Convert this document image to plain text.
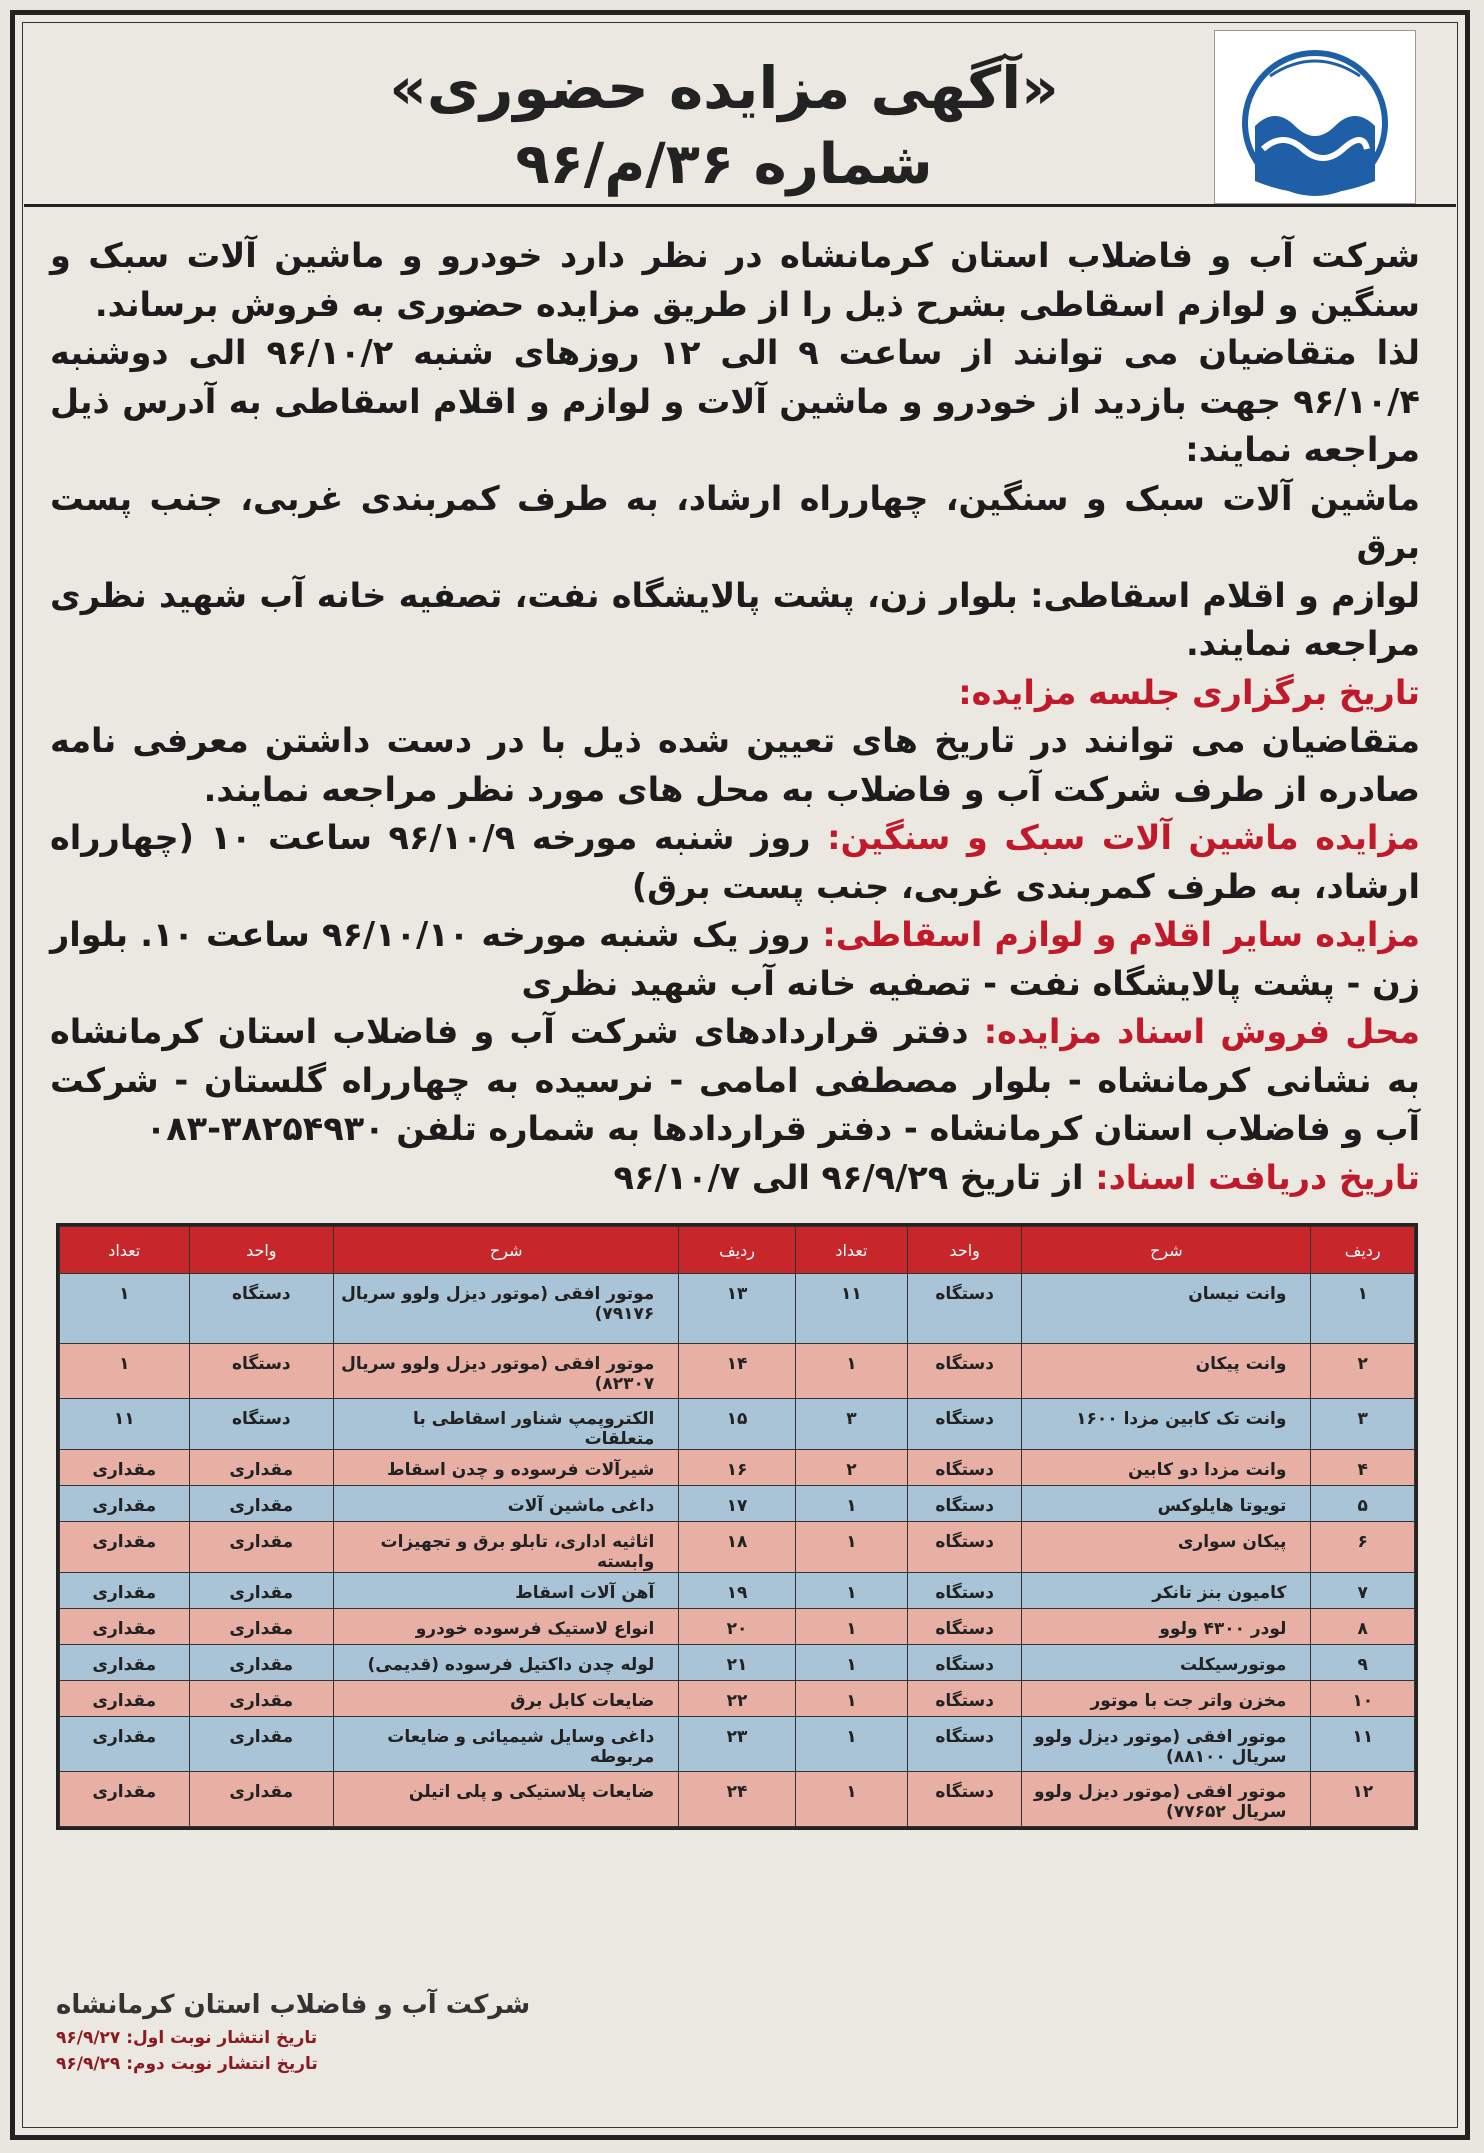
«آگهی مزایده حضوری»
شماره ۳۶/م/۹۶

شرکت آب و فاضلاب استان کرمانشاه در نظر دارد خودرو و ماشین آلات سبک و سنگین و لوازم اسقاطی بشرح ذیل را از طریق مزایده حضوری به فروش برساند.

لذا متقاضیان می توانند از ساعت ۹ الی ۱۲ روزهای شنبه ۹۶/۱۰/۲ الی دوشنبه ۹۶/۱۰/۴ جهت بازدید از خودرو و ماشین آلات و لوازم و اقلام اسقاطی به آدرس ذیل مراجعه نمایند:

ماشین آلات سبک و سنگین، چهارراه ارشاد، به طرف کمربندی غربی، جنب پست برق

لوازم و اقلام اسقاطی: بلوار زن، پشت پالایشگاه نفت، تصفیه خانه آب شهید نظری مراجعه نمایند.

تاریخ برگزاری جلسه مزایده:

متقاضیان می توانند در تاریخ های تعیین شده ذیل با در دست داشتن معرفی نامه صادره از طرف شرکت آب و فاضلاب به محل های مورد نظر مراجعه نمایند.

مزایده ماشین آلات سبک و سنگین: روز شنبه مورخه ۹۶/۱۰/۹ ساعت ۱۰ (چهارراه ارشاد، به طرف کمربندی غربی، جنب پست برق)

مزایده سایر اقلام و لوازم اسقاطی: روز یک شنبه مورخه ۹۶/۱۰/۱۰ ساعت ۱۰. بلوار زن - پشت پالایشگاه نفت - تصفیه خانه آب شهید نظری

محل فروش اسناد مزایده: دفتر قراردادهای شرکت آب و فاضلاب استان کرمانشاه به نشانی کرمانشاه - بلوار مصطفی امامی - نرسیده به چهارراه گلستان - شرکت آب و فاضلاب استان کرمانشاه - دفتر قراردادها به شماره تلفن ۳۸۲۵۴۹۳۰-۰۸۳

تاریخ دریافت اسناد: از تاریخ ۹۶/۹/۲۹ الی ۹۶/۱۰/۷

ردیف	شرح	واحد	تعداد	ردیف	شرح	واحد	تعداد
۱	وانت نیسان	دستگاه	۱۱	۱۳	موتور افقی (موتور دیزل ولوو سریال ۷۹۱۷۶)	دستگاه	۱
۲	وانت پیکان	دستگاه	۱	۱۴	موتور افقی (موتور دیزل ولوو سریال ۸۲۳۰۷)	دستگاه	۱
۳	وانت تک کابین مزدا ۱۶۰۰	دستگاه	۳	۱۵	الکتروپمپ شناور اسقاطی با متعلقات	دستگاه	۱۱
۴	وانت مزدا دو کابین	دستگاه	۲	۱۶	شیرآلات فرسوده و چدن اسقاط	مقداری	مقداری
۵	تویوتا هایلوکس	دستگاه	۱	۱۷	داغی ماشین آلات	مقداری	مقداری
۶	پیکان سواری	دستگاه	۱	۱۸	اثاثیه اداری، تابلو برق و تجهیزات وابسته	مقداری	مقداری
۷	کامیون بنز تانکر	دستگاه	۱	۱۹	آهن آلات اسقاط	مقداری	مقداری
۸	لودر ۴۳۰۰ ولوو	دستگاه	۱	۲۰	انواع لاستیک فرسوده خودرو	مقداری	مقداری
۹	موتورسیکلت	دستگاه	۱	۲۱	لوله چدن داکتیل فرسوده (قدیمی)	مقداری	مقداری
۱۰	مخزن واتر جت با موتور	دستگاه	۱	۲۲	ضایعات کابل برق	مقداری	مقداری
۱۱	موتور افقی (موتور دیزل ولوو سریال ۸۸۱۰۰)	دستگاه	۱	۲۳	داغی وسایل شیمیائی و ضایعات مربوطه	مقداری	مقداری
۱۲	موتور افقی (موتور دیزل ولوو سریال ۷۷۶۵۲)	دستگاه	۱	۲۴	ضایعات پلاستیکی و پلی اتیلن	مقداری	مقداری
شرکت آب و فاضلاب استان کرمانشاه
تاریخ انتشار نوبت اول: ۹۶/۹/۲۷
تاریخ انتشار نوبت دوم: ۹۶/۹/۲۹
